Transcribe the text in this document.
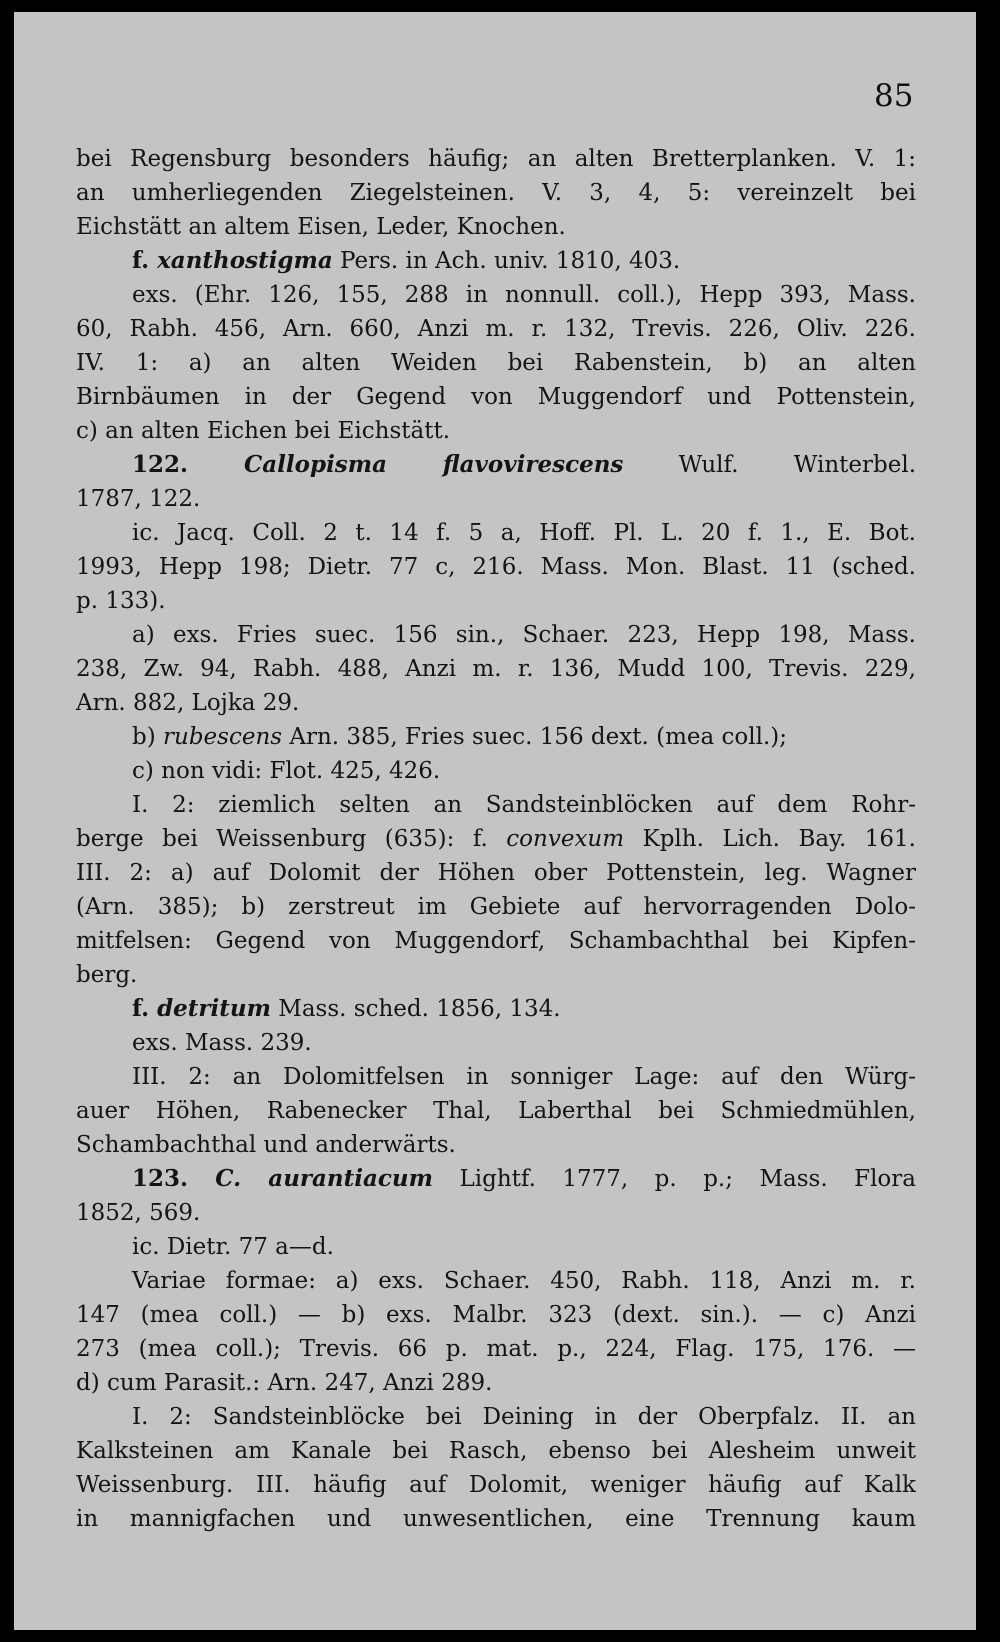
85
bei Regensburg besonders häufig; an alten Bretterplanken. V. 1:
an umherliegenden Ziegelsteinen. V. 3, 4, 5: vereinzelt bei
Eichstätt an altem Eisen, Leder, Knochen.
f. xanthostigma Pers. in Ach. univ. 1810, 403.
exs. (Ehr. 126, 155, 288 in nonnull. coll.), Hepp 393, Mass.
60, Rabh. 456, Arn. 660, Anzi m. r. 132, Trevis. 226, Oliv. 226.
IV. 1: a) an alten Weiden bei Rabenstein, b) an alten
Birnbäumen in der Gegend von Muggendorf und Pottenstein,
c) an alten Eichen bei Eichstätt.
122. Callopisma flavovirescens Wulf. Winterbel.
1787, 122.
ic. Jacq. Coll. 2 t. 14 f. 5 a, Hoff. Pl. L. 20 f. 1., E. Bot.
1993, Hepp 198; Dietr. 77 c, 216. Mass. Mon. Blast. 11 (sched.
p. 133).
a) exs. Fries suec. 156 sin., Schaer. 223, Hepp 198, Mass.
238, Zw. 94, Rabh. 488, Anzi m. r. 136, Mudd 100, Trevis. 229,
Arn. 882, Lojka 29.
b) rubescens Arn. 385, Fries suec. 156 dext. (mea coll.);
c) non vidi: Flot. 425, 426.
I. 2: ziemlich selten an Sandsteinblöcken auf dem Rohr-
berge bei Weissenburg (635): f. convexum Kplh. Lich. Bay. 161.
III. 2: a) auf Dolomit der Höhen ober Pottenstein, leg. Wagner
(Arn. 385); b) zerstreut im Gebiete auf hervorragenden Dolo-
mitfelsen: Gegend von Muggendorf, Schambachthal bei Kipfen-
berg.
f. detritum Mass. sched. 1856, 134.
exs. Mass. 239.
III. 2: an Dolomitfelsen in sonniger Lage: auf den Würg-
auer Höhen, Rabenecker Thal, Laberthal bei Schmiedmühlen,
Schambachthal und anderwärts.
123. C. aurantiacum Lightf. 1777, p. p.; Mass. Flora
1852, 569.
ic. Dietr. 77 a—d.
Variae formae: a) exs. Schaer. 450, Rabh. 118, Anzi m. r.
147 (mea coll.) — b) exs. Malbr. 323 (dext. sin.). — c) Anzi
273 (mea coll.); Trevis. 66 p. mat. p., 224, Flag. 175, 176. —
d) cum Parasit.: Arn. 247, Anzi 289.
I. 2: Sandsteinblöcke bei Deining in der Oberpfalz. II. an
Kalksteinen am Kanale bei Rasch, ebenso bei Alesheim unweit
Weissenburg. III. häufig auf Dolomit, weniger häufig auf Kalk
in mannigfachen und unwesentlichen, eine Trennung kaum
